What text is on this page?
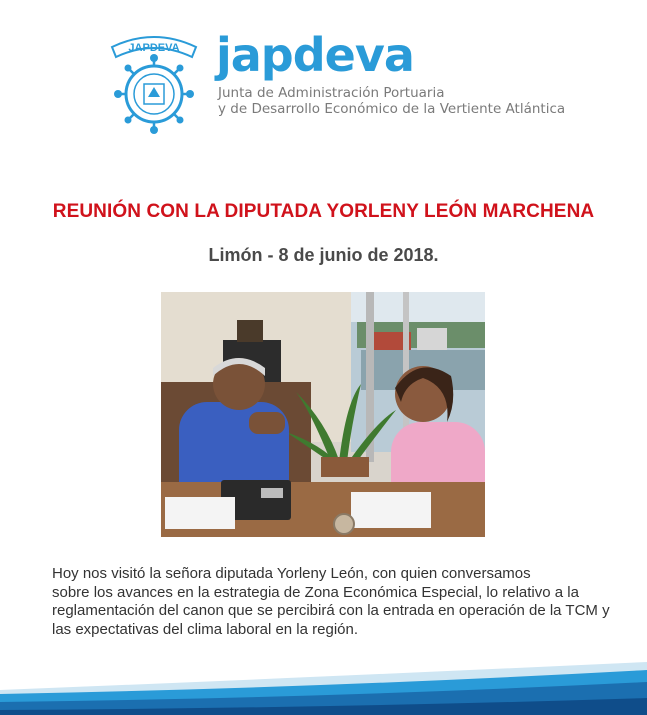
JAPDEVA japdeva
Junta de Administración Portuaria
y de Desarrollo Económico de la Vertiente Atlántica
REUNIÓN CON LA DIPUTADA YORLENY LEÓN MARCHENA
Limón - 8 de junio de 2018.
Hoy nos visitó la señora diputada Yorleny León, con quien conversamos
sobre los avances en la estrategia de Zona Económica Especial, lo relativo a la
reglamentación del canon que se percibirá con la entrada en operación de la TCM y
las expectativas del clima laboral en la región.
